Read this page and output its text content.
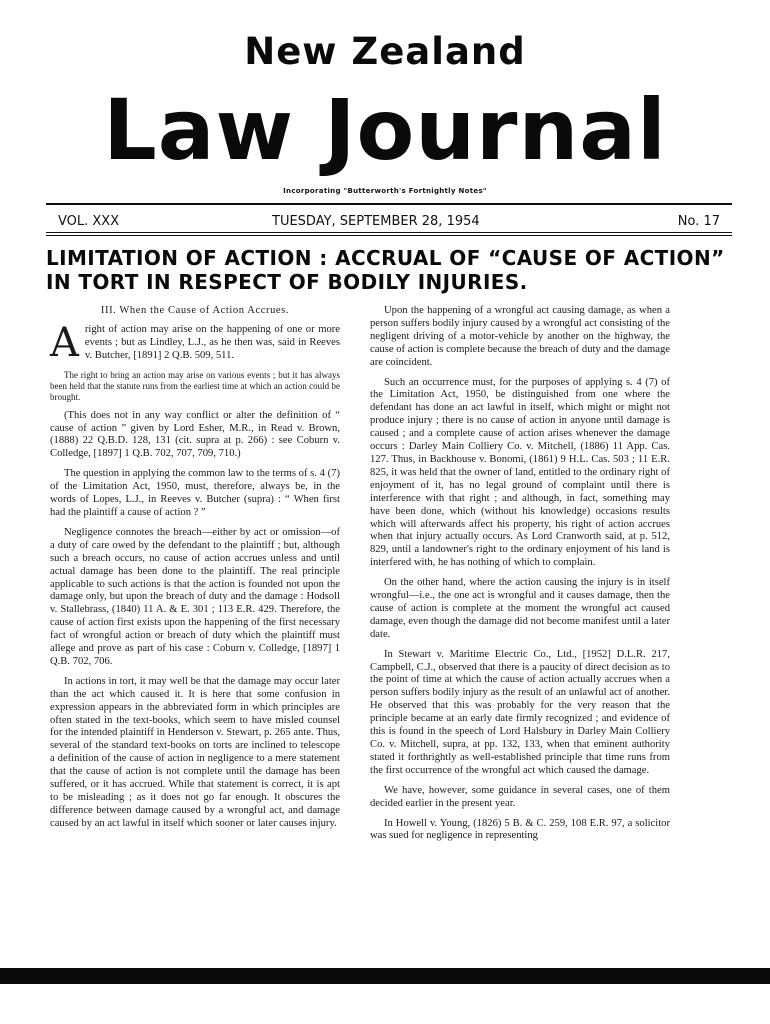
New Zealand
Law Journal
Incorporating "Butterworth's Fortnightly Notes"
VOL. XXX	TUESDAY, SEPTEMBER 28, 1954	No. 17
LIMITATION OF ACTION : ACCRUAL OF “CAUSE OF ACTION” IN TORT IN RESPECT OF BODILY INJURIES.
III. When the Cause of Action Accrues.

A right of action may arise on the happening of one or more events ; but as Lindley, L.J., as he then was, said in Reeves v. Butcher, [1891] 2 Q.B. 509, 511.

The right to bring an action may arise on various events ; but it has always been held that the statute runs from the earliest time at which an action could be brought.

(This does not in any way conflict or alter the definition of “ cause of action ” given by Lord Esher, M.R., in Read v. Brown, (1888) 22 Q.B.D. 128, 131 (cit. supra at p. 266) : see Coburn v. Colledge, [1897] 1 Q.B. 702, 707, 709, 710.)

The question in applying the common law to the terms of s. 4 (7) of the Limitation Act, 1950, must, therefore, always be, in the words of Lopes, L.J., in Reeves v. Butcher (supra) : “ When first had the plaintiff a cause of action ? ”

Negligence connotes the breach—either by act or omission—of a duty of care owed by the defendant to the plaintiff ; but, although such a breach occurs, no cause of action accrues unless and until actual damage has been done to the plaintiff. The real principle applicable to such actions is that the action is founded not upon the damage only, but upon the breach of duty and the damage : Hodsoll v. Stallebrass, (1840) 11 A. & E. 301 ; 113 E.R. 429. Therefore, the cause of action first exists upon the happening of the first necessary fact of wrongful action or breach of duty which the plaintiff must allege and prove as part of his case : Coburn v. Colledge, [1897] 1 Q.B. 702, 706.

In actions in tort, it may well be that the damage may occur later than the act which caused it. It is here that some confusion in expression appears in the abbreviated form in which principles are often stated in the text-books, which seem to have misled counsel for the intended plaintiff in Henderson v. Stewart, p. 265 ante. Thus, several of the standard text-books on torts are inclined to telescope a definition of the cause of action in negligence to a mere statement that the cause of action is not complete until the damage has been suffered, or it has accrued. While that statement is correct, it is apt to be misleading ; as it does not go far enough. It obscures the difference between damage caused by a wrongful act, and damage caused by an act lawful in itself which sooner or later causes injury.

Upon the happening of a wrongful act causing damage, as when a person suffers bodily injury caused by a wrongful act consisting of the negligent driving of a motor-vehicle by another on the highway, the cause of action is complete because the breach of duty and the damage are coincident.

Such an occurrence must, for the purposes of applying s. 4 (7) of the Limitation Act, 1950, be distinguished from one where the defendant has done an act lawful in itself, which might or might not produce injury ; there is no cause of action in anyone until damage is caused ; and a complete cause of action arises whenever the damage occurs : Darley Main Colliery Co. v. Mitchell, (1886) 11 App. Cas. 127. Thus, in Backhouse v. Bonomi, (1861) 9 H.L. Cas. 503 ; 11 E.R. 825, it was held that the owner of land, entitled to the ordinary right of enjoyment of it, has no legal ground of complaint until there is interference with that right ; and although, in fact, something may have been done, which (without his knowledge) occasions results which will afterwards affect his property, his right of action accrues when that injury actually occurs. As Lord Cranworth said, at p. 512, 829, until a landowner's right to the ordinary enjoyment of his land is interfered with, he has nothing of which to complain.

On the other hand, where the action causing the injury is in itself wrongful—i.e., the one act is wrongful and it causes damage, then the cause of action is complete at the moment the wrongful act caused damage, even though the damage did not become manifest until a later date.

In Stewart v. Maritime Electric Co., Ltd., [1952] D.L.R. 217, Campbell, C.J., observed that there is a paucity of direct decision as to the point of time at which the cause of action actually accrues when a person suffers bodily injury as the result of an unlawful act of another. He observed that this was probably for the very reason that the principle became at an early date firmly recognized ; and evidence of this is found in the speech of Lord Halsbury in Darley Main Colliery Co. v. Mitchell, supra, at pp. 132, 133, when that eminent authority stated it forthrightly as well-established principle that time runs from the first occurrence of the wrongful act which caused the damage.

We have, however, some guidance in several cases, one of them decided earlier in the present year.

In Howell v. Young, (1826) 5 B. & C. 259, 108 E.R. 97, a solicitor was sued for negligence in representing
